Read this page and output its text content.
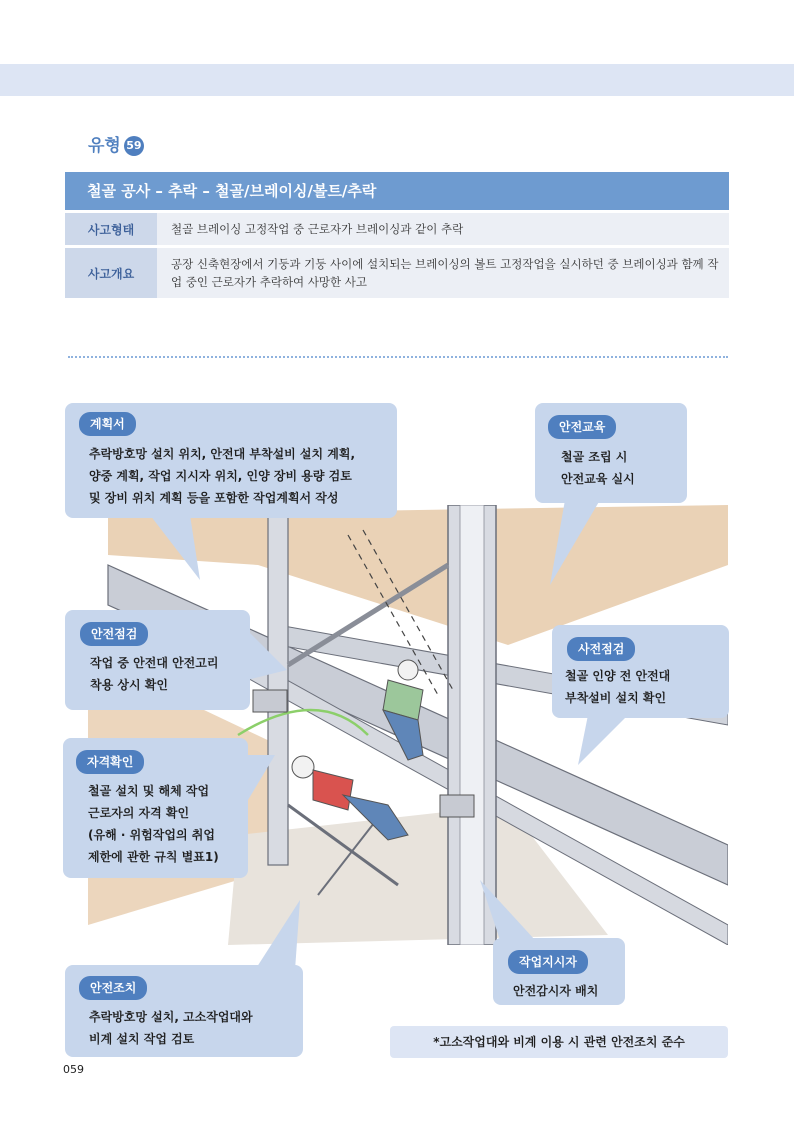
유형 59
철골 공사 – 추락 – 철골/브레이싱/볼트/추락
사고형태	철골 브레이싱 고정작업 중 근로자가 브레이싱과 같이 추락
사고개요
공장 신축현장에서 기둥과 기둥 사이에 설치되는 브레이싱의 볼트 고정작업을 실시하던 중 브레이싱과 함께 작업 중인 근로자가 추락하여 사망한 사고
계획서
추락방호망 설치 위치, 안전대 부착설비 설치 계획,
양중 계획, 작업 지시자 위치, 인양 장비 용량 검토
및 장비 위치 계획 등을 포함한 작업계획서 작성
안전교육
철골 조립 시
안전교육 실시
안전점검
작업 중 안전대 안전고리
착용 상시 확인
사전점검
철골 인양 전 안전대
부착설비 설치 확인
자격확인
철골 설치 및 해체 작업
근로자의 자격 확인
(유해 · 위험작업의 취업
제한에 관한 규칙 별표1)
작업지시자
안전감시자 배치
안전조치
추락방호망 설치, 고소작업대와
비계 설치 작업 검토	*고소작업대와 비계 이용 시 관련 안전조치 준수
059
